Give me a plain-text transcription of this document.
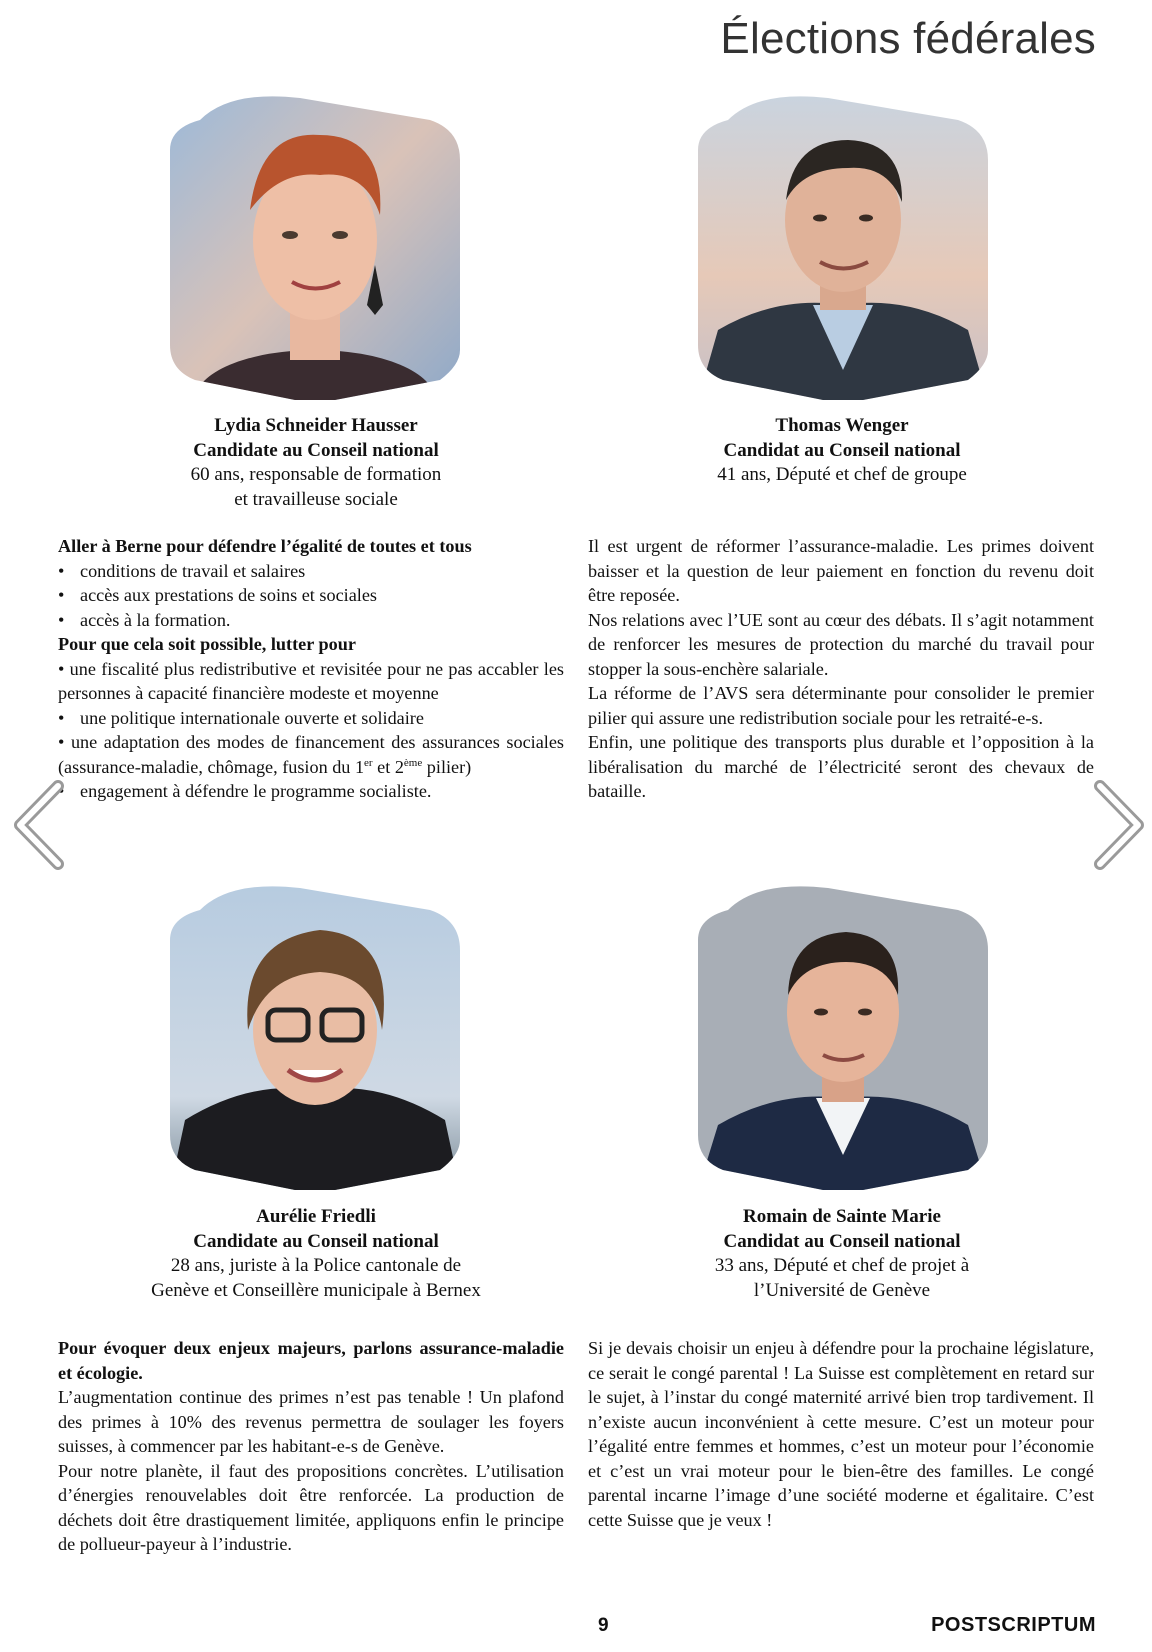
Élections fédérales
Lydia Schneider Hausser
Candidate au Conseil national
60 ans, responsable de formation
et travailleuse sociale
Thomas Wenger
Candidat au Conseil national
41 ans, Député et chef de groupe
Aurélie Friedli
Candidate au Conseil national
28 ans, juriste à la Police cantonale de
Genève et Conseillère municipale à Bernex
Romain de Sainte Marie
Candidat au Conseil national
33 ans, Député et chef de projet à
l’Université de Genève

Aller à Berne pour défendre l’égalité de toutes et tous

• conditions de travail et salaires

• accès aux prestations de soins et sociales

• accès à la formation.

Pour que cela soit possible, lutter pour

• une fiscalité plus redistributive et revisitée pour ne pas accabler les personnes à capacité financière modeste et moyenne

• une politique internationale ouverte et solidaire

• une adaptation des modes de financement des assurances sociales (assurance-maladie, chômage, fusion du 1er et 2ème pilier)

• engagement à défendre le programme socialiste.

Il est urgent de réformer l’assurance-maladie. Les primes doivent baisser et la question de leur paiement en fonction du revenu doit être reposée.

Nos relations avec l’UE sont au cœur des débats. Il s’agit notamment de renforcer les mesures de protection du marché du travail pour stopper la sous-enchère salariale.

La réforme de l’AVS sera déterminante pour consolider le premier pilier qui assure une redistribution sociale pour les retraité-e-s.

Enfin, une politique des transports plus durable et l’opposition à la libéralisation du marché de l’électricité seront des chevaux de bataille.

Pour évoquer deux enjeux majeurs, parlons assurance-maladie et écologie.

L’augmentation continue des primes n’est pas tenable ! Un plafond des primes à 10% des revenus permettra de soulager les foyers suisses, à commencer par les habitant-e-s de Genève.

Pour notre planète, il faut des propositions concrètes. L’utilisation d’énergies renouvelables doit être renforcée. La production de déchets doit être drastiquement limitée, appliquons enfin le principe de pollueur-payeur à l’industrie.

Si je devais choisir un enjeu à défendre pour la prochaine législature, ce serait le congé parental ! La Suisse est complètement en retard sur le sujet, à l’instar du congé maternité arrivé bien trop tardivement. Il n’existe aucun inconvénient à cette mesure. C’est un moteur pour l’égalité entre femmes et hommes, c’est un moteur pour l’économie et c’est un vrai moteur pour le bien-être des familles. Le congé parental incarne l’image d’une société moderne et égalitaire. C’est cette Suisse que je veux !

9	POSTSCRIPTUM
